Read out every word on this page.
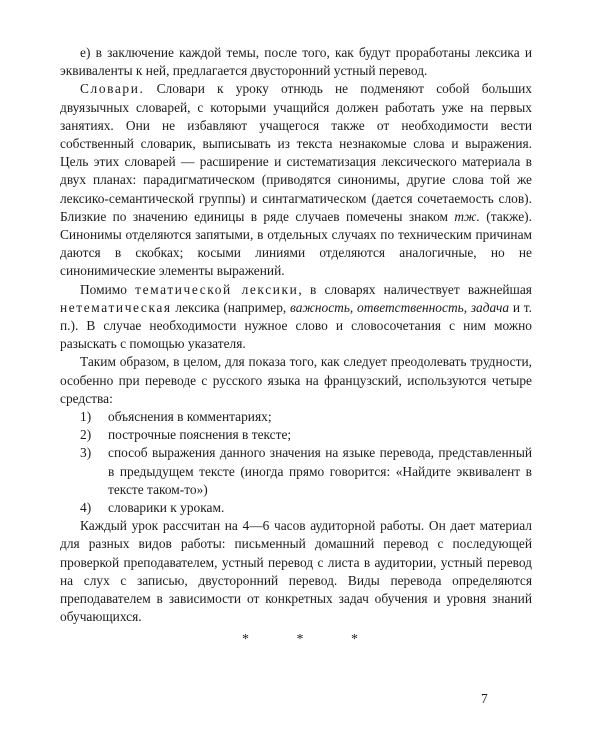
е) в заключение каждой темы, после того, как будут проработаны лексика и эквиваленты к ней, предлагается двусторонний устный перевод.

Словари. Словари к уроку отнюдь не подменяют собой больших двуязычных словарей, с которыми учащийся должен работать уже на первых занятиях. Они не избавляют учащегося также от необходимости вести собственный словарик, выписывать из текста незнакомые слова и выражения. Цель этих словарей — расширение и систематизация лексического материала в двух планах: парадигматическом (приводятся синонимы, другие слова той же лексико-семантической группы) и синтагматическом (дается сочетаемость слов). Близкие по значению единицы в ряде случаев помечены знаком тж. (также). Синонимы отделяются запятыми, в отдельных случаях по техническим причинам даются в скобках; косыми линиями отделяются аналогичные, но не синонимические элементы выражений.

Помимо тематической лексики, в словарях наличествует важнейшая нетематическая лексика (например, важность, ответственность, задача и т. п.). В случае необходимости нужное слово и словосочетания с ним можно разыскать с помощью указателя.

Таким образом, в целом, для показа того, как следует преодолевать трудности, особенно при переводе с русского языка на французский, используются четыре средства:

1)	объяснения в комментариях;
2)	построчные пояснения в тексте;
3)	способ выражения данного значения на языке перевода, представленный в предыдущем тексте (иногда прямо говорится: «Найдите эквивалент в тексте таком-то»)
4)	словарики к урокам.

Каждый урок рассчитан на 4—6 часов аудиторной работы. Он дает материал для разных видов работы: письменный домашний перевод с последующей проверкой преподавателем, устный перевод с листа в аудитории, устный перевод на слух с записью, двусторонний перевод. Виды перевода определяются преподавателем в зависимости от конкретных задач обучения и уровня знаний обучающихся.

* * *
7
